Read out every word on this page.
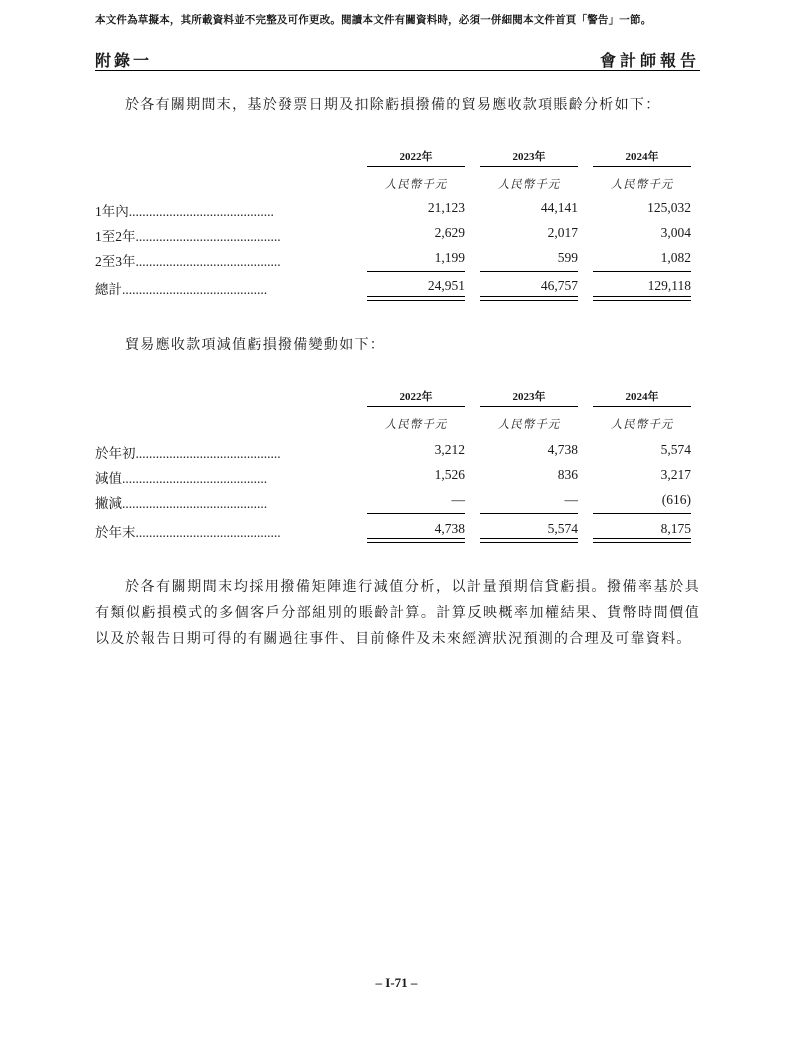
本文件為草擬本，其所載資料並不完整及可作更改。閱讀本文件有關資料時，必須一併細閱本文件首頁「警告」一節。
附錄一	會計師報告
於各有關期間末，基於發票日期及扣除虧損撥備的貿易應收款項賬齡分析如下：
2022年	2023年	2024年
人民幣千元	人民幣千元	人民幣千元
1年內...........................................	21,123	44,141	125,032
1至2年...........................................	2,629	2,017	3,004
2至3年...........................................	1,199	599	1,082
總計...........................................	24,951	46,757	129,118
貿易應收款項減值虧損撥備變動如下：
2022年	2023年	2024年
人民幣千元	人民幣千元	人民幣千元
於年初...........................................	3,212	4,738	5,574
減值...........................................	1,526	836	3,217
撇減...........................................	—	—	(616)
於年末...........................................	4,738	5,574	8,175
於各有關期間末均採用撥備矩陣進行減值分析，以計量預期信貸虧損。撥備率基於具有類似虧損模式的多個客戶分部組別的賬齡計算。計算反映概率加權結果、貨幣時間價值以及於報告日期可得的有關過往事件、目前條件及未來經濟狀況預測的合理及可靠資料。
– I-71 –
